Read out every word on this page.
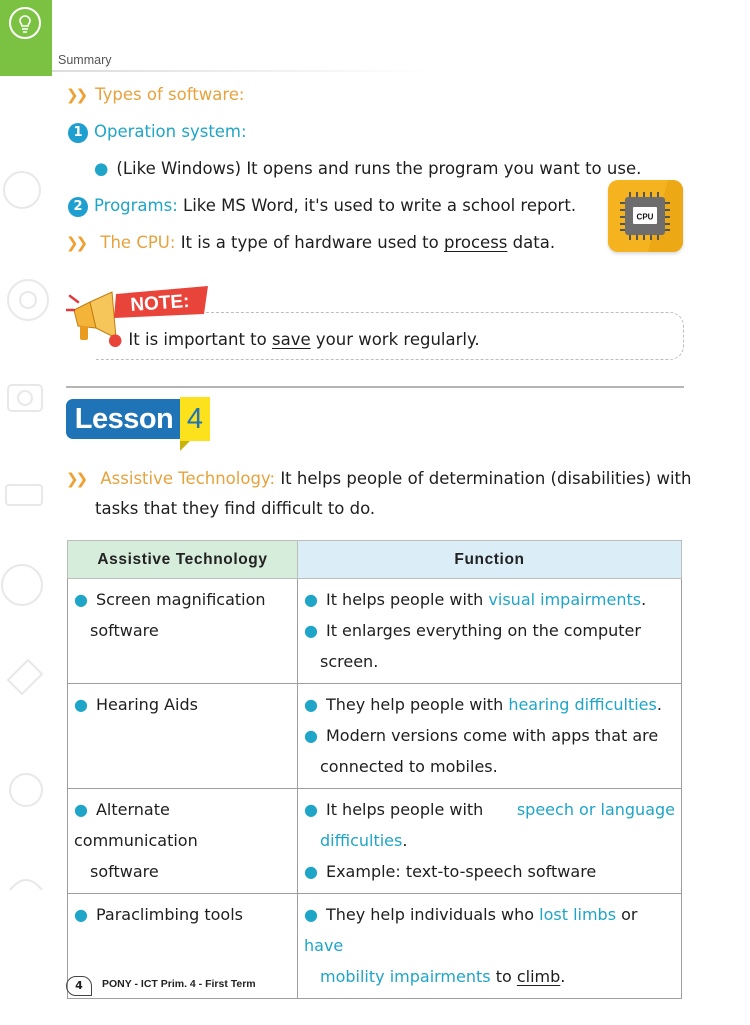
Summary
❯❯ Types of software:
1 Operation system:
● (Like Windows) It opens and runs the program you want to use.
2 Programs: Like MS Word, it's used to write a school report.
❯❯ The CPU: It is a type of hardware used to process data.
CPU
NOTE:
● It is important to save your work regularly.
Lesson 4
❯❯ Assistive Technology: It helps people of determination (disabilities) with
tasks that they find difficult to do.
Assistive Technology	Function

● Screen magnification
software	● It helps people with visual impairments.
● It enlarges everything on the computer
screen.

● Hearing Aids	● They help people with hearing difficulties.
● Modern versions come with apps that are
connected to mobiles.

● Alternate communication
software	● It helps people with speech or language
difficulties.
● Example: text-to-speech software

● Paraclimbing tools	● They help individuals who lost limbs or have
mobility impairments to climb.
4	PONY - ICT Prim. 4 - First Term
